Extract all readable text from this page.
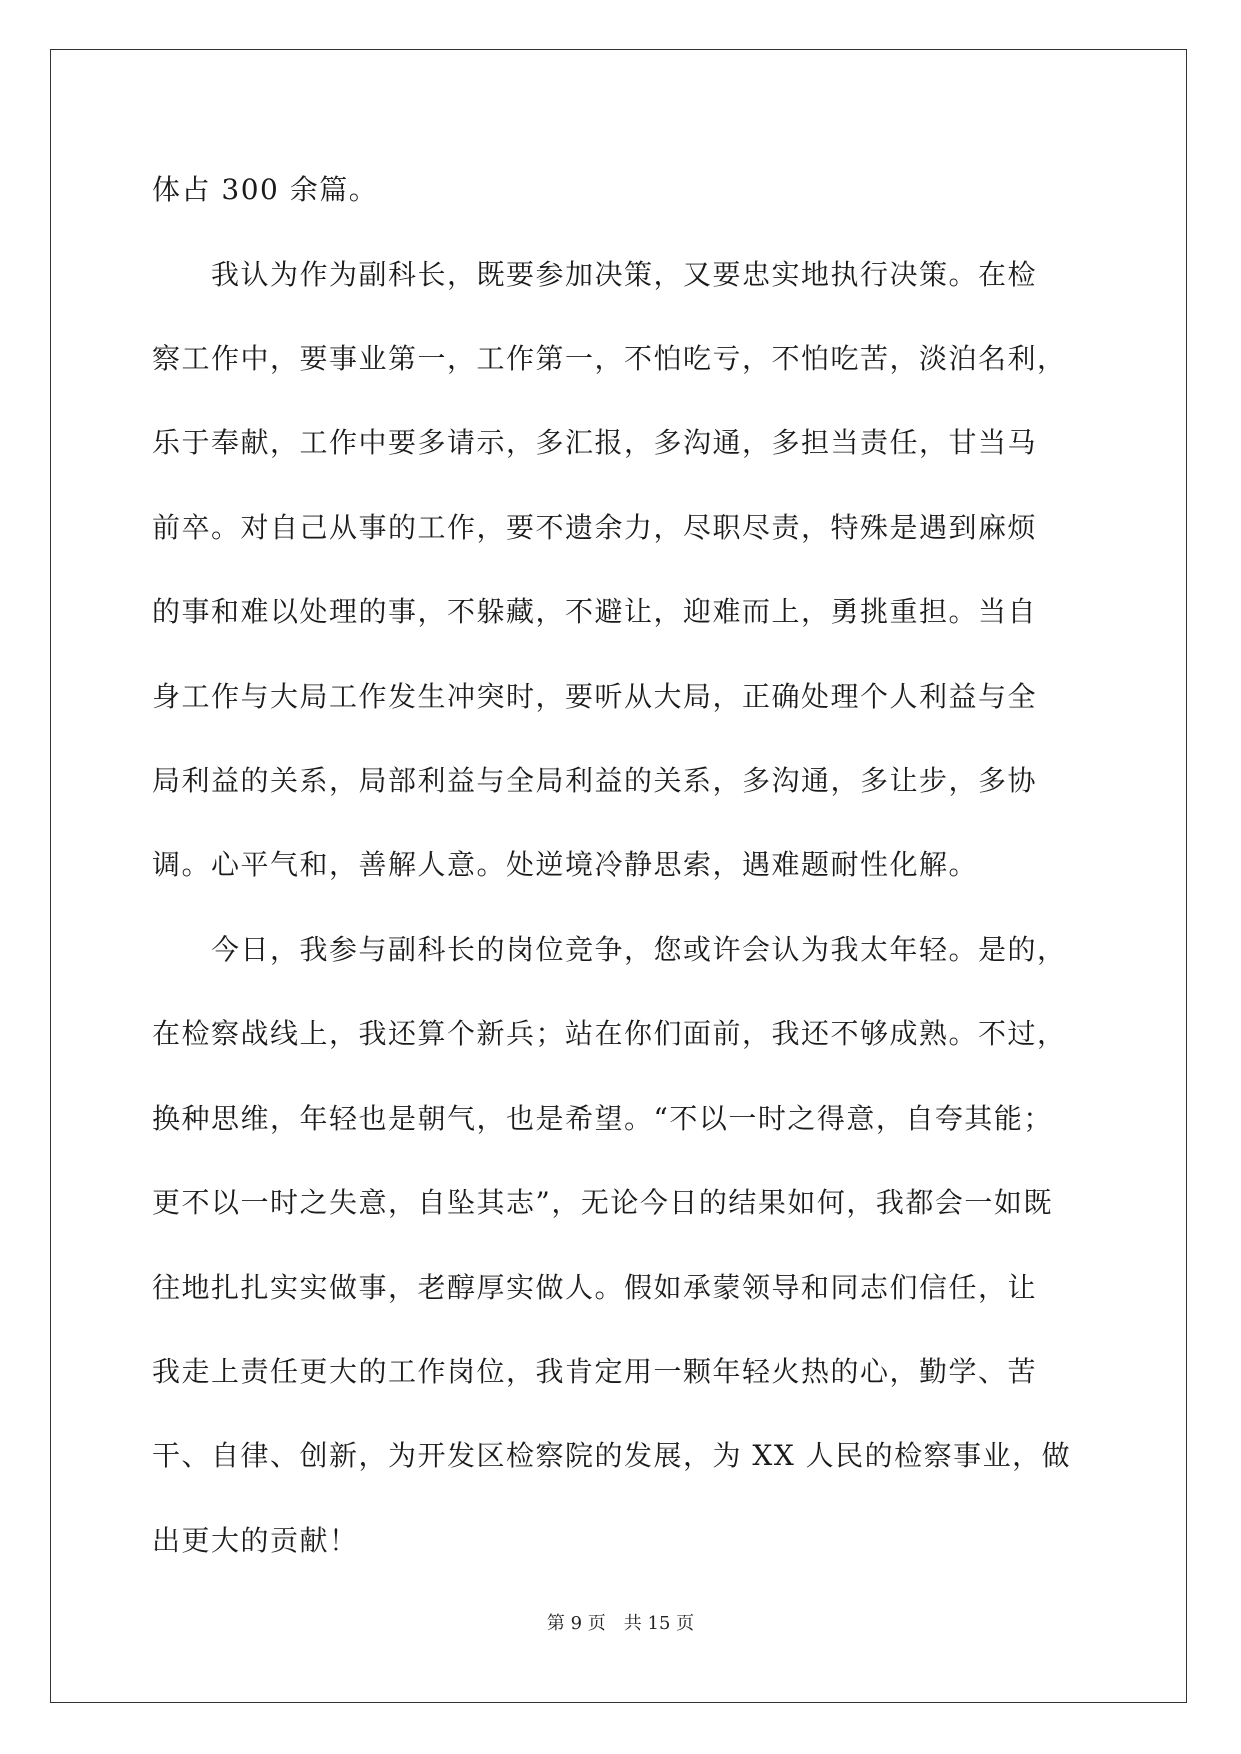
体占 300 余篇。

我认为作为副科长，既要参加决策，又要忠实地执行决策。在检

察工作中，要事业第一，工作第一，不怕吃亏，不怕吃苦，淡泊名利，

乐于奉献，工作中要多请示，多汇报，多沟通，多担当责任，甘当马

前卒。对自己从事的工作，要不遗余力，尽职尽责，特殊是遇到麻烦

的事和难以处理的事，不躲藏，不避让，迎难而上，勇挑重担。当自

身工作与大局工作发生冲突时，要听从大局，正确处理个人利益与全

局利益的关系，局部利益与全局利益的关系，多沟通，多让步，多协

调。心平气和，善解人意。处逆境冷静思索，遇难题耐性化解。

今日，我参与副科长的岗位竞争，您或许会认为我太年轻。是的，

在检察战线上，我还算个新兵；站在你们面前，我还不够成熟。不过，

换种思维，年轻也是朝气，也是希望。“不以一时之得意，自夸其能；

更不以一时之失意，自坠其志”，无论今日的结果如何，我都会一如既

往地扎扎实实做事，老醇厚实做人。假如承蒙领导和同志们信任，让

我走上责任更大的工作岗位，我肯定用一颗年轻火热的心，勤学、苦

干、自律、创新，为开发区检察院的发展，为 XX 人民的检察事业，做

出更大的贡献！

第 9 页　共 15 页
